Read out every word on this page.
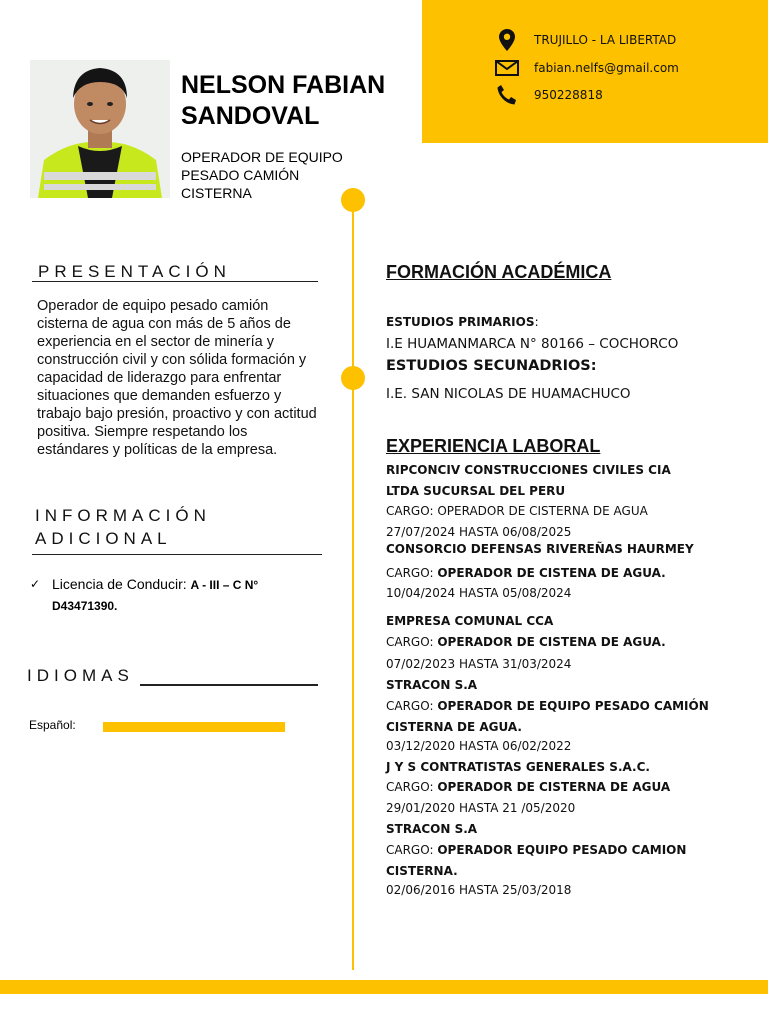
TRUJILLO - LA LIBERTAD
fabian.nelfs@gmail.com
950228818
NELSON FABIAN SANDOVAL
OPERADOR DE EQUIPO PESADO CAMIÓN CISTERNA
PRESENTACIÓN
Operador de equipo pesado camión cisterna de agua con más de 5 años de experiencia en el sector de minería y construcción civil y con sólida formación y capacidad de liderazgo para enfrentar situaciones que demanden esfuerzo y trabajo bajo presión, proactivo y con actitud positiva. Siempre respetando los estándares y políticas de la empresa.
INFORMACIÓN
ADICIONAL
✓ Licencia de Conducir: A - III – C N° D43471390.
IDIOMAS
Español:
FORMACIÓN ACADÉMICA
ESTUDIOS PRIMARIOS:
I.E HUAMANMARCA N° 80166 – COCHORCO
ESTUDIOS SECUNADRIOS:
I.E. SAN NICOLAS DE HUAMACHUCO
EXPERIENCIA LABORAL
RIPCONCIV CONSTRUCCIONES CIVILES CIA LTDA SUCURSAL DEL PERU
CARGO: OPERADOR DE CISTERNA DE AGUA
27/07/2024 HASTA 06/08/2025
CONSORCIO DEFENSAS RIVEREÑAS HAURMEY
CARGO: OPERADOR DE CISTENA DE AGUA.
10/04/2024 HASTA 05/08/2024
EMPRESA COMUNAL CCA
CARGO: OPERADOR DE CISTENA DE AGUA.
07/02/2023 HASTA 31/03/2024
STRACON S.A
CARGO: OPERADOR DE EQUIPO PESADO CAMIÓN CISTERNA DE AGUA.
03/12/2020 HASTA 06/02/2022
J Y S CONTRATISTAS GENERALES S.A.C.
CARGO: OPERADOR DE CISTERNA DE AGUA
29/01/2020 HASTA 21 /05/2020
STRACON S.A
CARGO: OPERADOR EQUIPO PESADO CAMION CISTERNA.
02/06/2016 HASTA 25/03/2018
